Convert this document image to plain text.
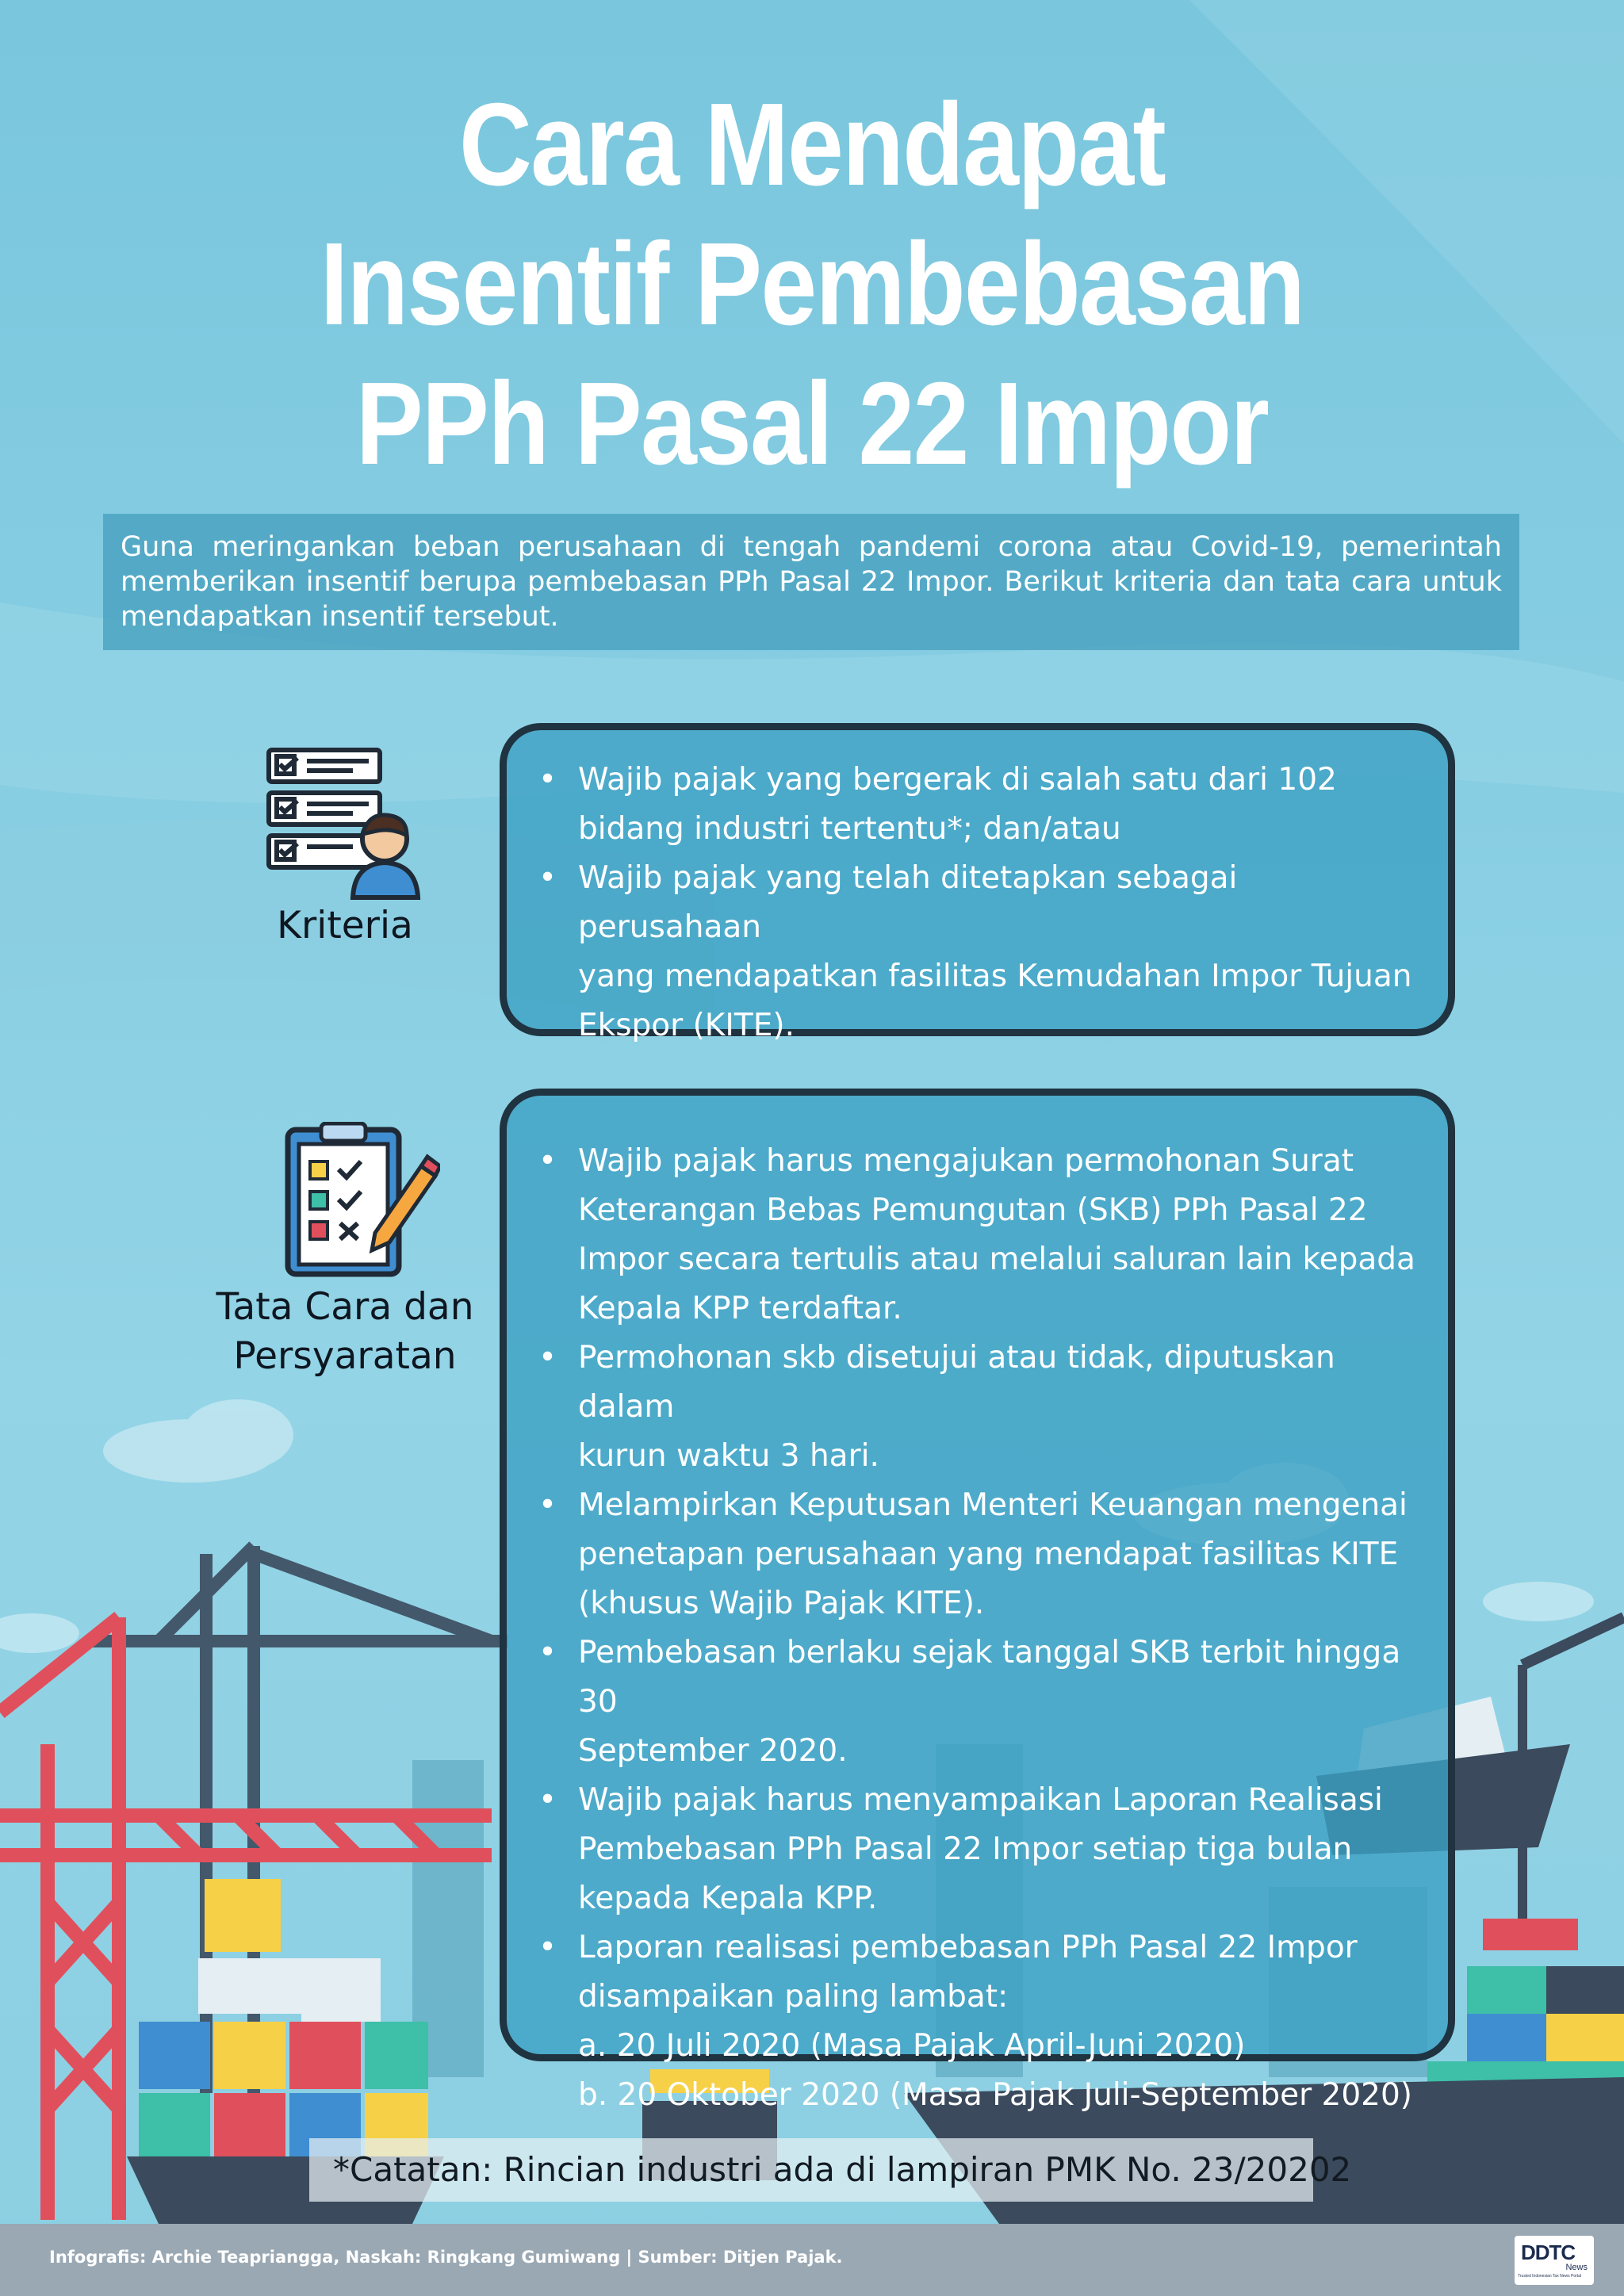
Cara Mendapat
Insentif Pembebasan
PPh Pasal 22 Impor
Guna meringankan beban perusahaan di tengah pandemi corona atau Covid-19, pemerintah memberikan insentif berupa pembebasan PPh Pasal 22 Impor. Berikut kriteria dan tata cara untuk mendapatkan insentif tersebut.
Kriteria
• Wajib pajak yang bergerak di salah satu dari 102
bidang industri tertentu*; dan/atau
• Wajib pajak yang telah ditetapkan sebagai perusahaan
yang mendapatkan fasilitas Kemudahan Impor Tujuan
Ekspor (KITE).
Tata Cara dan
Persyaratan
• Wajib pajak harus mengajukan permohonan Surat
Keterangan Bebas Pemungutan (SKB) PPh Pasal 22
Impor secara tertulis atau melalui saluran lain kepada
Kepala KPP terdaftar.
• Permohonan skb disetujui atau tidak, diputuskan dalam
kurun waktu 3 hari.
• Melampirkan Keputusan Menteri Keuangan mengenai
penetapan perusahaan yang mendapat fasilitas KITE
(khusus Wajib Pajak KITE).
• Pembebasan berlaku sejak tanggal SKB terbit hingga 30
September 2020.
• Wajib pajak harus menyampaikan Laporan Realisasi
Pembebasan PPh Pasal 22 Impor setiap tiga bulan
kepada Kepala KPP.
• Laporan realisasi pembebasan PPh Pasal 22 Impor
disampaikan paling lambat:
a. 20 Juli 2020 (Masa Pajak April-Juni 2020)
b. 20 Oktober 2020 (Masa Pajak Juli-September 2020)
*Catatan: Rincian industri ada di lampiran PMK No. 23/20202
Infografis: Archie Teaprianggа, Naskah: Ringkang Gumiwang | Sumber: Ditjen Pajak.	DDTC
News
Trusted Indonesian Tax News Portal
